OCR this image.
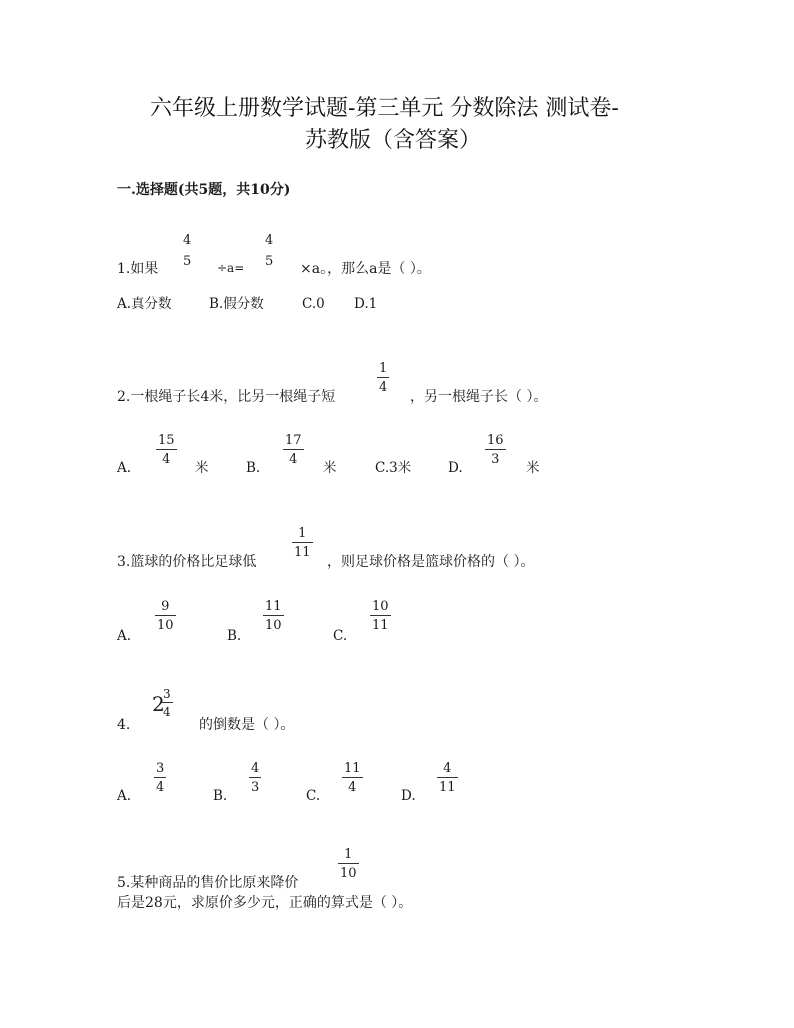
六年级上册数学试题-第三单元 分数除法 测试卷-
苏教版（含答案）
一.选择题(共5题，共10分)
1.如果
4
5 ÷a=
4
5 ×a。，那么a是（ ）。
A.真分数	B.假分数	C.0 D.1
2.一根绳子长4米，比另一根绳子短
1
4
，另一根绳子长（ ）。
A.
15
4
米	B.
17
4
米	C.3米	D.
16
3
米
3.篮球的价格比足球低
1
11
，则足球价格是篮球价格的（ ）。
A.
9
10
B.
11
10
C.
10
11
4.
2
3
4
的倒数是（ ）。
A.
3
4
B.
4
3
C.
11
4
D.
4
11
5.某种商品的售价比原来降价
1
10
后是28元，求原价多少元，正确的算式是（ ）。
